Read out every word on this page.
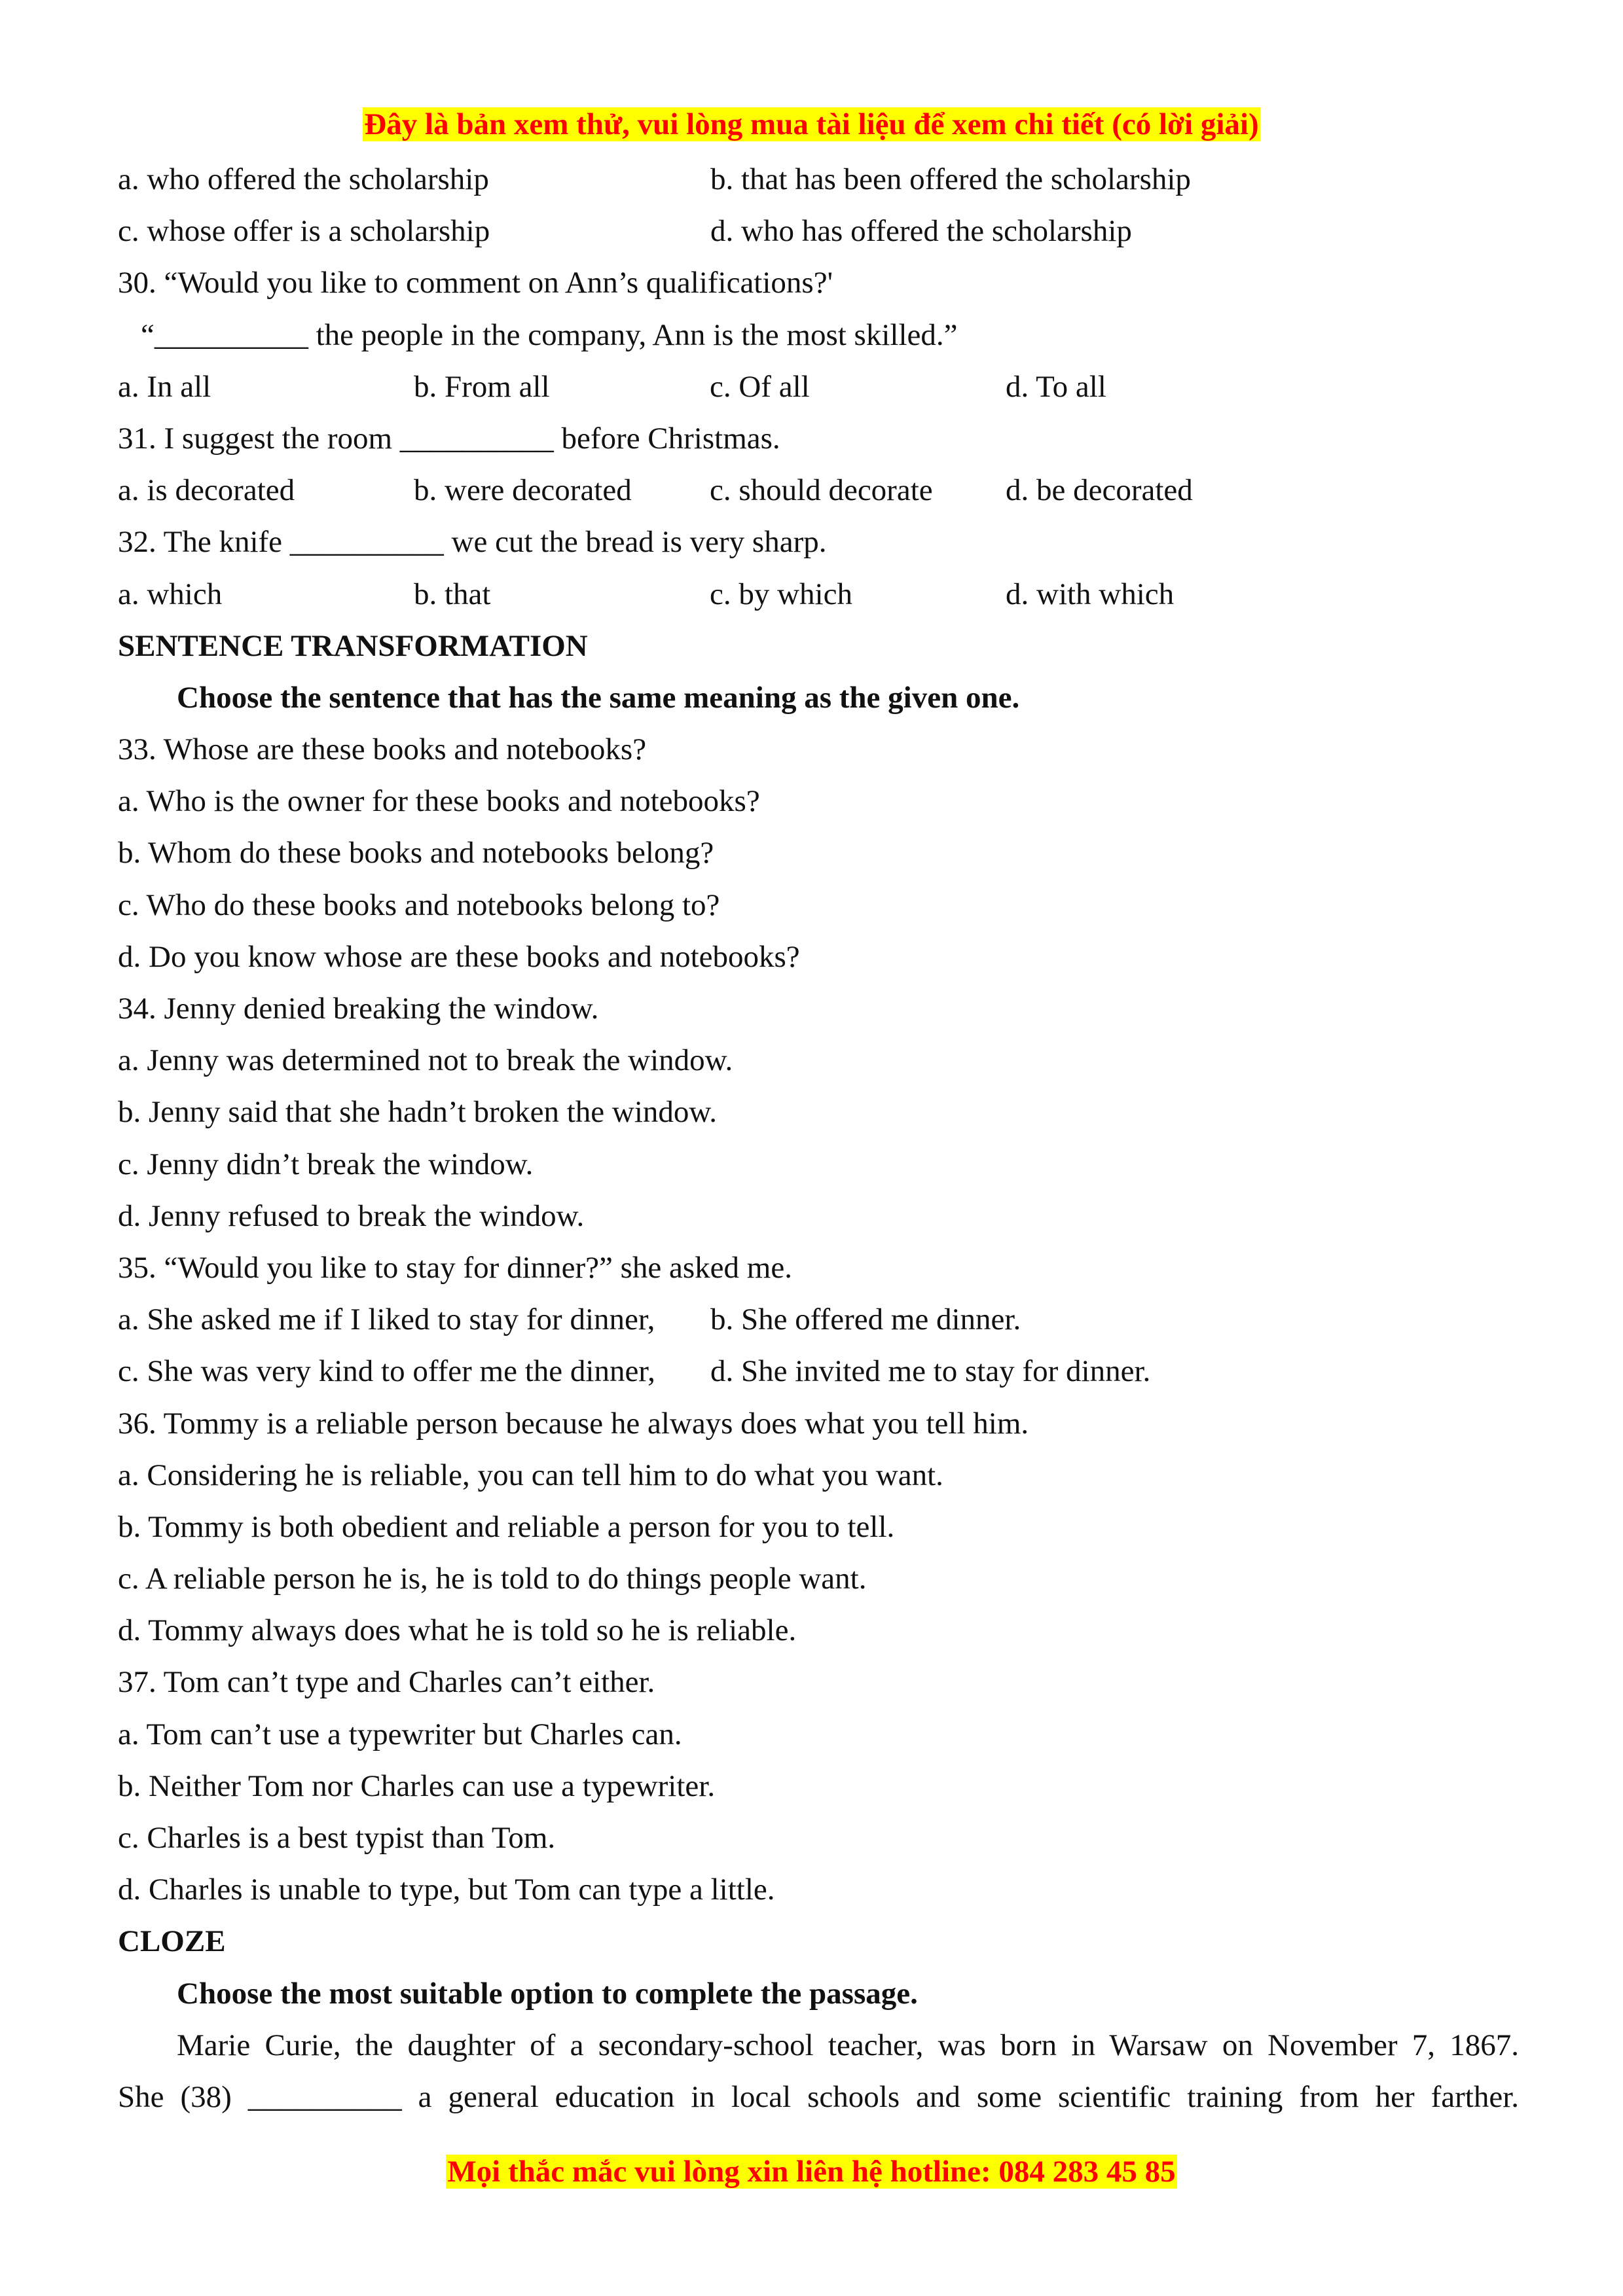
Đây là bản xem thử, vui lòng mua tài liệu để xem chi tiết (có lời giải)
a. who offered the scholarship	b. that has been offered the scholarship
c. whose offer is a scholarship	d. who has offered the scholarship
30. “Would you like to comment on Ann’s qualifications?'
“__________ the people in the company, Ann is the most skilled.”
a. In all	b. From all	c. Of all	d. To all
31. I suggest the room __________ before Christmas.
a. is decorated	b. were decorated	c. should decorate	d. be decorated
32. The knife __________ we cut the bread is very sharp.
a. which	b. that	c. by which	d. with which
SENTENCE TRANSFORMATION
Choose the sentence that has the same meaning as the given one.
33. Whose are these books and notebooks?
a. Who is the owner for these books and notebooks?
b. Whom do these books and notebooks belong?
c. Who do these books and notebooks belong to?
d. Do you know whose are these books and notebooks?
34. Jenny denied breaking the window.
a. Jenny was determined not to break the window.
b. Jenny said that she hadn’t broken the window.
c. Jenny didn’t break the window.
d. Jenny refused to break the window.
35. “Would you like to stay for dinner?” she asked me.
a. She asked me if I liked to stay for dinner,	b. She offered me dinner.
c. She was very kind to offer me the dinner,	d. She invited me to stay for dinner.
36. Tommy is a reliable person because he always does what you tell him.
a. Considering he is reliable, you can tell him to do what you want.
b. Tommy is both obedient and reliable a person for you to tell.
c. A reliable person he is, he is told to do things people want.
d. Tommy always does what he is told so he is reliable.
37. Tom can’t type and Charles can’t either.
a. Tom can’t use a typewriter but Charles can.
b. Neither Tom nor Charles can use a typewriter.
c. Charles is a best typist than Tom.
d. Charles is unable to type, but Tom can type a little.
CLOZE
Choose the most suitable option to complete the passage.
Marie Curie, the daughter of a secondary-school teacher, was born in Warsaw on November 7, 1867.
She (38) __________ a general education in local schools and some scientific training from her farther.
Mọi thắc mắc vui lòng xin liên hệ hotline: 084 283 45 85
